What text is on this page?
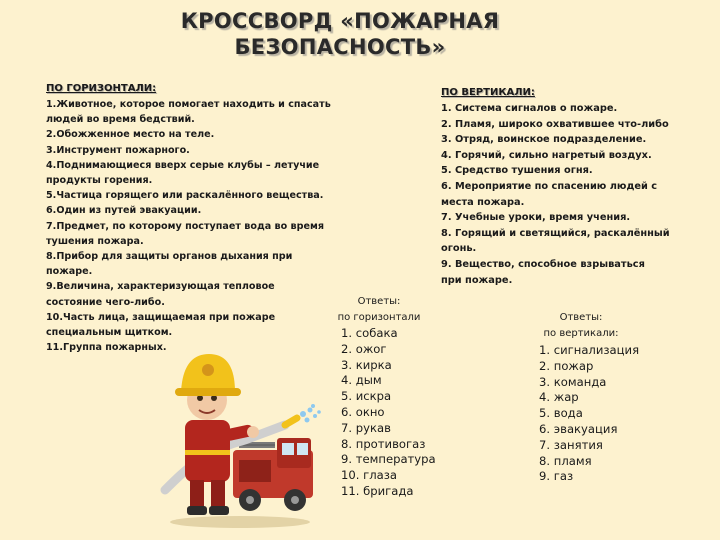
КРОССВОРД «ПОЖАРНАЯ
БЕЗОПАСНОСТЬ»
ПО ГОРИЗОНТАЛИ:
1.Животное, которое помогает находить и спасать
людей во время бедствий.
2.Обожженное место на теле.
3.Инструмент пожарного.
4.Поднимающиеся вверх серые клубы – летучие
продукты горения.
5.Частица горящего или раскалённого вещества.
6.Один из путей эвакуации.
7.Предмет, по которому поступает вода во время
тушения пожара.
8.Прибор для защиты органов дыхания при
пожаре.
9.Величина, характеризующая тепловое
состояние чего-либо.
10.Часть лица, защищаемая при пожаре
специальным щитком.
11.Группа пожарных.
ПО ВЕРТИКАЛИ:
1. Система сигналов о пожаре.
2. Пламя, широко охватившее что-либо
3. Отряд, воинское подразделение.
4. Горячий, сильно нагретый воздух.
5. Средство тушения огня.
6. Мероприятие по спасению людей с
места пожара.
7. Учебные уроки, время учения.
8. Горящий и светящийся, раскалённый
огонь.
9. Вещество, способное взрываться
при пожаре.
Ответы:
по горизонтали
1. собака
2. ожог
3. кирка
4. дым
5. искра
6. окно
7. рукав
8. противогаз
9. температура
10. глаза
11. бригада
Ответы:
по вертикали:
1. сигнализация
2. пожар
3. команда
4. жар
5. вода
6. эвакуация
7. занятия
8. пламя
9. газ
